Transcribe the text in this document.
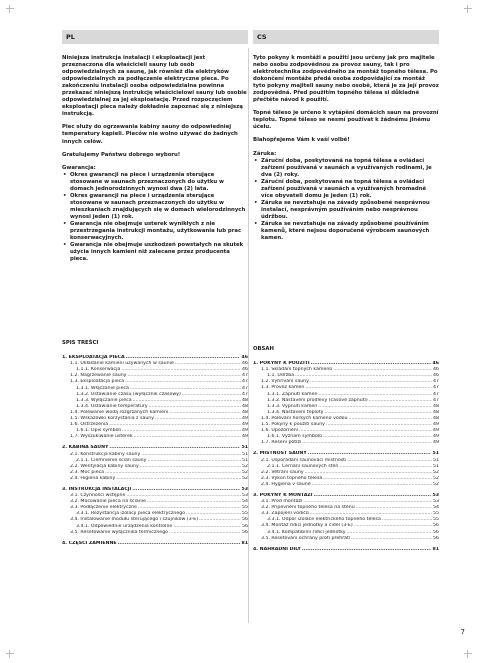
PL	CS

Niniejsza instrukcja instalacji i eksploatacji jest przeznaczona dla właścicieli sauny lub osób odpowiedzialnych za saunę, jak również dla elektryków odpowiedzialnych za podłączenie elektryczne pieca. Po zakończeniu instalacji osoba odpowiedzialna powinna przekazać niniejszą instrukcję właścicielowi sauny lub osobie odpowiedzialnej za jej eksploatację. Przed rozpoczęciem eksploatacji pieca należy dokładnie zapoznać się z niniejszą instrukcją.

Piec służy do ogrzewania kabiny sauny do odpowiedniej temperatury kąpieli. Pieców nie wolno używać do żadnych innych celów.

Gratulujemy Państwu dobrego wyboru!

Gwarancja:

• Okres gwarancji na piece i urządzenia sterujące stosowane w saunach przeznaczonych do użytku w domach jednorodzinnych wynosi dwa (2) lata.
• Okres gwarancji na piece i urządzenia sterujące stosowane w saunach przeznaczonych do użytku w mieszkaniach znajdujących się w domach wielorodzinnych wynosi jeden (1) rok.
• Gwarancja nie obejmuje usterek wynikłych z nie przestrzegania instrukcji montażu, użytkowania lub prac konserwacyjnych.
• Gwarancja nie obejmuje uszkodzeń powstałych na skutek użycia innych kamieni niż zalecane przez producenta pieca.

Tyto pokyny k montáži a použití jsou určeny jak pro majitele nebo osobu zodpovědnou za provoz sauny, tak i pro elektrotechnika zodpovědného za montáž topného tělesa. Po dokončení montáže předá osoba zodpovídající za montáž tyto pokyny majiteli sauny nebo osobě, která je za její provoz zodpovědná. Před použitím topného tělesa si důkladně přečtěte návod k použití.

Topné těleso je určeno k vytápění domácích saun na provozní teplotu. Topné těleso se nesmí používat k žádnému jinému účelu.

Blahopřejeme Vám k vaší volbě!

Záruka:

• Záruční doba, poskytovaná na topná tělesa a ovládací zařízení používaná v saunách a využívaných rodinami, je dva (2) roky.
• Záruční doba, poskytovaná na topná tělesa a ovládací zařízení používaná v saunách a využívaných hromadně více obyvateli domu je jeden (1) rok.
• Záruka se nevztahuje na závady způsobené nesprávnou instalací, nesprávným používáním nebo nesprávnou údržbou.
• Záruka se nevztahuje na závady způsobené používáním kamenů, které nejsou doporučené výrobcem saunových kamen.
SPIS TREŚCI
1. EKSPLOATACJA PIECA .....	46
1.1. Układanie kamieni używanych w saunie .....	46
1.1.1. Konserwacja .....	46
1.2. Nagrzewanie sauny .....	47
1.3. Eksploatacja pieca .....	47
1.3.1. Włączanie pieca .....	47
1.3.2. Ustawianie czasu (wyłącznik czasowy) .....	47
1.3.3. Wyłączanie pieca .....	48
1.3.4. Ustawianie temperatury .....	48
1.4. Polewanie wodą rozgrzanych kamieni .....	48
1.5. Wskazówki korzystania z sauny .....	49
1.6. Ostrzeżenia .....	49
1.6.1. Opis symboli .....	49
1.7. Wyszukiwanie usterek .....	49
2. KABINA SAUNY .....	51
2.1. Konstrukcja kabiny sauny .....	51
2.1.1. Ciemnienie ścian sauny .....	51
2.2. Wentylacja kabiny sauny .....	52
2.3. Moc pieca .....	52
2.4. Higiena kabiny .....	52
3. INSTRUKCJA INSTALACJI .....	53
3.1. Czynności wstępne .....	53
3.2. Mocowanie pieca na ścianie .....	54
3.3. Podłączenie elektryczne .....	55
3.3.1. Rezystancja izolacji pieca elektrycznego .....	55
3.4. Instalowanie modułu sterującego i czujników (3-E) .....	56
3.4.1. Odpowiednie urządzenia kontrolne .....	56
3.5. Resetowanie wyłącznika termicznego .....	56
4. CZĘŚCI ZAMIENNE .....	81
OBSAH
1. POKYNY K POUŽITÍ .....	46
1.1. Skládání topných kamenů .....	46
1.1. Údržba .....	46
1.2. Vyhřívání sauny .....	47
1.3. Provoz kamen .....	47
1.3.1. Zapnutí kamen .....	47
1.3.2. Nastavení prodlevy (časové zapnutí) .....	47
1.3.3. Vypnutí kamen .....	48
1.3.4. Nastavení teploty .....	48
1.4. Polévání horkých kamenů vodou .....	48
1.5. Pokyny k použití sauny .....	49
1.6. Upozornění .....	49
1.6.1. Význam symbolů .....	49
1.7. Řešení potíží .....	49
2. MÍSTNOST SAUNY .....	51
2.1. Uspořádání saunovací místnosti .....	51
2.1.1. Černání saunových stěn .....	51
2.2. Větrání sauny .....	52
2.3. Výkon topného tělesa .....	52
2.4. Hygiena v sauně .....	52
3. POKYNY K MONTÁŽI .....	53
3.1. Před montáží .....	53
3.2. Připevnění topného tělesa na stěnu .....	54
3.3. Zapojení vodičů .....	55
3.3.1. Odpor izolace elektrického topného tělesa .....	55
3.4. Montáž řídicí jednotky a čidel (3-E) .....	56
3.4.1. Kompatibilní řídicí jednotky .....	56
3.5. Resetování ochrany proti přehřátí .....	56
4. NÁHRADNÍ DÍLY .....	81
7
